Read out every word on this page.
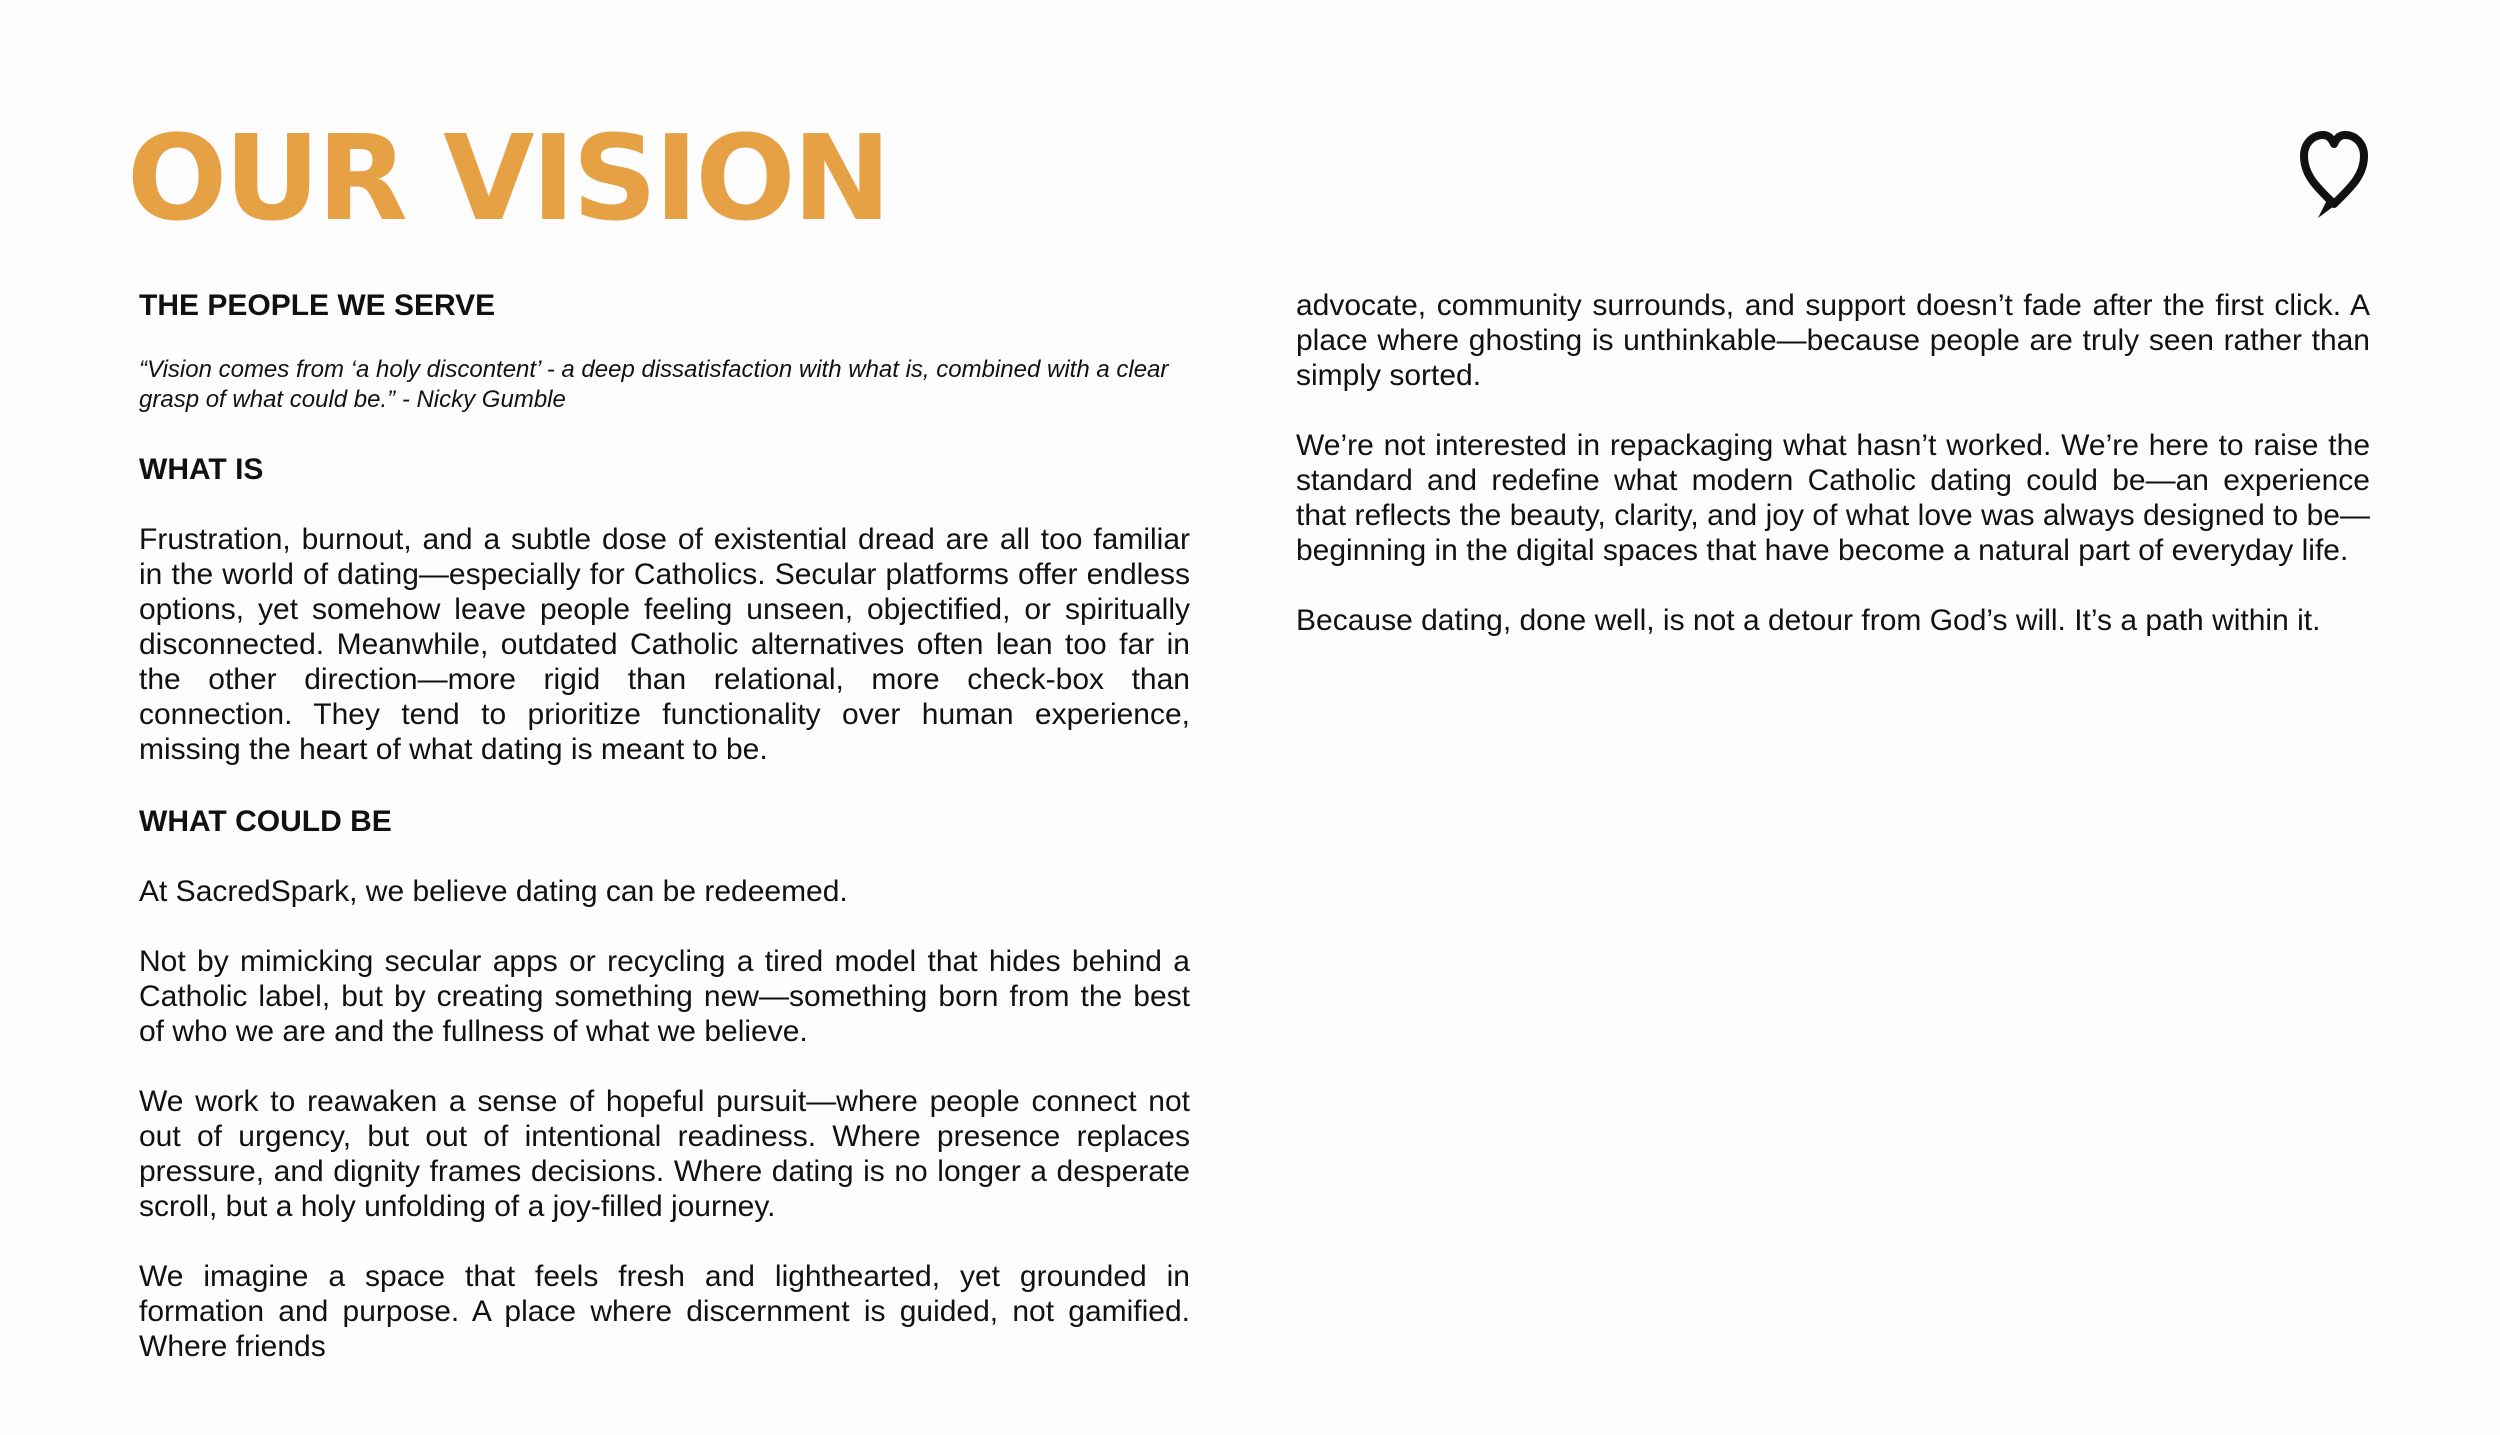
OUR VISION
THE PEOPLE WE SERVE

“Vision comes from ‘a holy discontent’ - a deep dissatisfaction with what is, combined with a clear grasp of what could be.” - Nicky Gumble

WHAT IS

Frustration, burnout, and a subtle dose of existential dread are all too familiar in the world of dating—especially for Catholics. Secular platforms offer endless options, yet somehow leave people feeling unseen, objectified, or spiritually disconnected. Meanwhile, outdated Catholic alternatives often lean too far in the other direction—more rigid than relational, more check-box than connection. They tend to prioritize functionality over human experience, missing the heart of what dating is meant to be.

WHAT COULD BE

At SacredSpark, we believe dating can be redeemed.

Not by mimicking secular apps or recycling a tired model that hides behind a Catholic label, but by creating something new—something born from the best of who we are and the fullness of what we believe.

We work to reawaken a sense of hopeful pursuit—where people connect not out of urgency, but out of intentional readiness. Where presence replaces pressure, and dignity frames decisions. Where dating is no longer a desperate scroll, but a holy unfolding of a joy-filled journey.

We imagine a space that feels fresh and lighthearted, yet grounded in formation and purpose. A place where discernment is guided, not gamified. Where friends

advocate, community surrounds, and support doesn’t fade after the first click. A place where ghosting is unthinkable—because people are truly seen rather than simply sorted.

We’re not interested in repackaging what hasn’t worked. We’re here to raise the standard and redefine what modern Catholic dating could be—an experience that reflects the beauty, clarity, and joy of what love was always designed to be—beginning in the digital spaces that have become a natural part of everyday life.

Because dating, done well, is not a detour from God’s will. It’s a path within it.
